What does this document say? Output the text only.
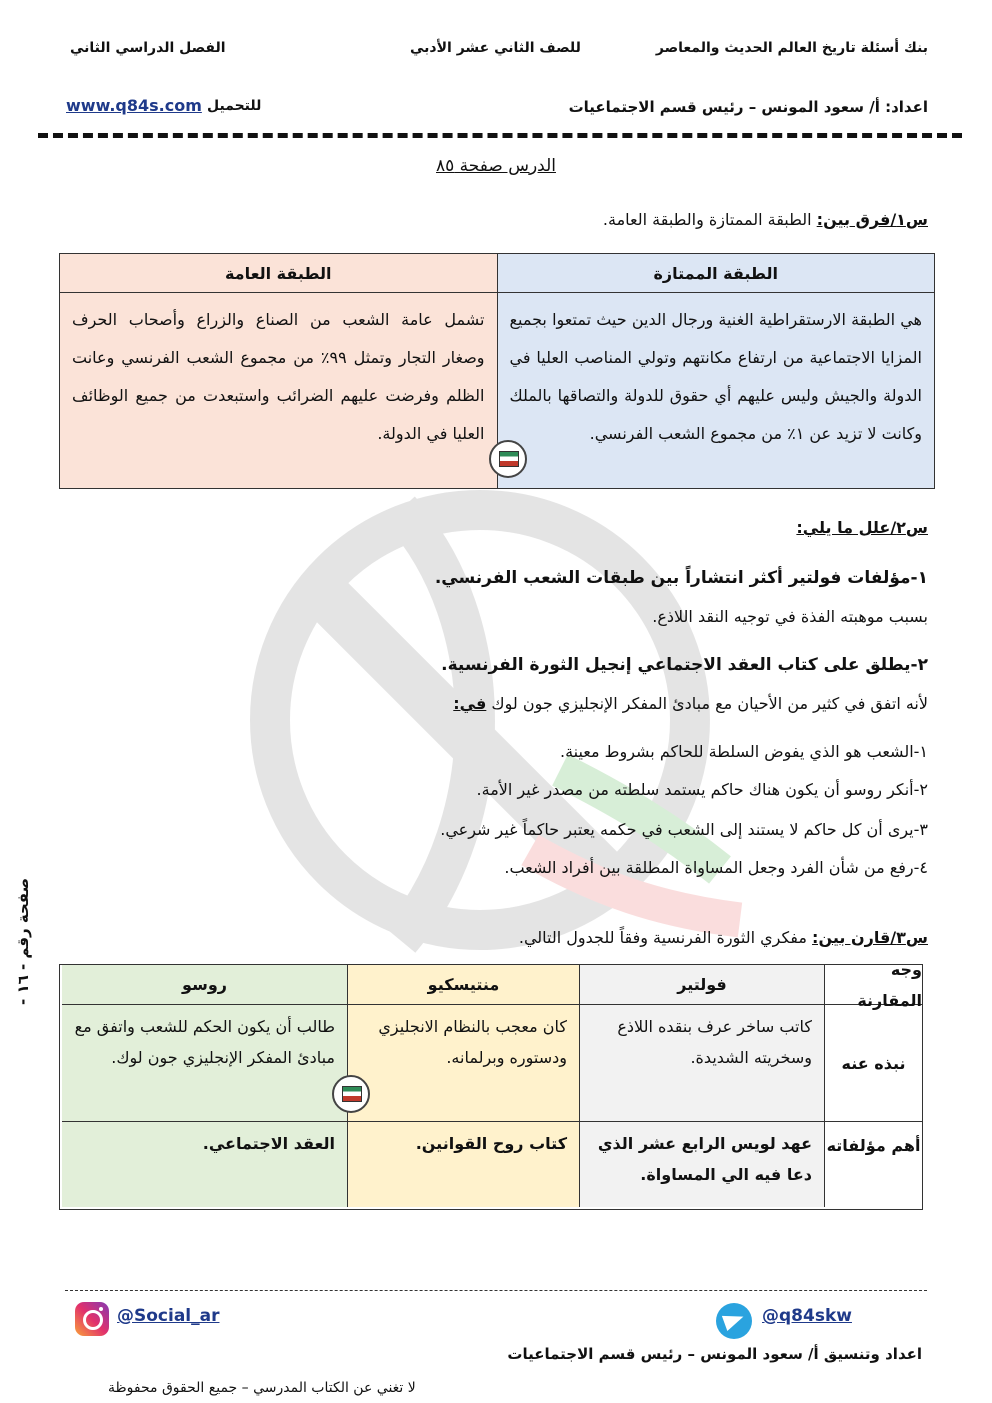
بنك أسئلة تاريخ العالم الحديث والمعاصر
للصف الثاني عشر الأدبي
الفصل الدراسي الثاني
www.q84s.com للتحميل	اعداد: أ/ سعود المونس – رئيس قسم الاجتماعيات
الدرس صفحة ٨٥
س١/فرق بين: الطبقة الممتازة والطبقة العامة.
الطبقة الممتازة
هي الطبقة الارستقراطية الغنية ورجال الدين حيث تمتعوا بجميع المزايا الاجتماعية من ارتفاع مكانتهم وتولي المناصب العليا في الدولة والجيش وليس عليهم أي حقوق للدولة والتصاقها بالملك وكانت لا تزيد عن ١٪ من مجموع الشعب الفرنسي.
الطبقة العامة
تشمل عامة الشعب من الصناع والزراع وأصحاب الحرف وصغار التجار وتمثل ٩٩٪ من مجموع الشعب الفرنسي وعانت الظلم وفرضت عليهم الضرائب واستبعدت من جميع الوظائف العليا في الدولة.
س٢/علل ما يلي:
١-مؤلفات فولتير أكثر انتشاراً بين طبقات الشعب الفرنسي.
بسبب موهبته الفذة في توجيه النقد اللاذع.
٢-يطلق على كتاب العقد الاجتماعي إنجيل الثورة الفرنسية.
لأنه اتفق في كثير من الأحيان مع مبادئ المفكر الإنجليزي جون لوك في:
١-الشعب هو الذي يفوض السلطة للحاكم بشروط معينة.
٢-أنكر روسو أن يكون هناك حاكم يستمد سلطته من مصدر غير الأمة.
٣-يرى أن كل حاكم لا يستند إلى الشعب في حكمه يعتبر حاكماً غير شرعي.
٤-رفع من شأن الفرد وجعل المساواة المطلقة بين أفراد الشعب.
س٣/قارن بين: مفكري الثورة الفرنسية وفقاً للجدول التالي.
وجه المقارنة
فولتير
منتيسكيو
روسو
نبذه عنه
كاتب ساخر عرف بنقده اللاذع وسخريته الشديدة.
كان معجب بالنظام الانجليزي ودستوره وبرلمانه.
طالب أن يكون الحكم للشعب واتفق مع مبادئ المفكر الإنجليزي جون لوك.
أهم مؤلفاته
عهد لويس الرابع عشر الذي دعا فيه الي المساواة.
كتاب روح القوانين.
العقد الاجتماعي.
صفحة رقم - ١٦ -
@Social_ar	@q84skw
اعداد وتنسيق أ/ سعود المونس – رئيس قسم الاجتماعيات
لا تغني عن الكتاب المدرسي – جميع الحقوق محفوظة
